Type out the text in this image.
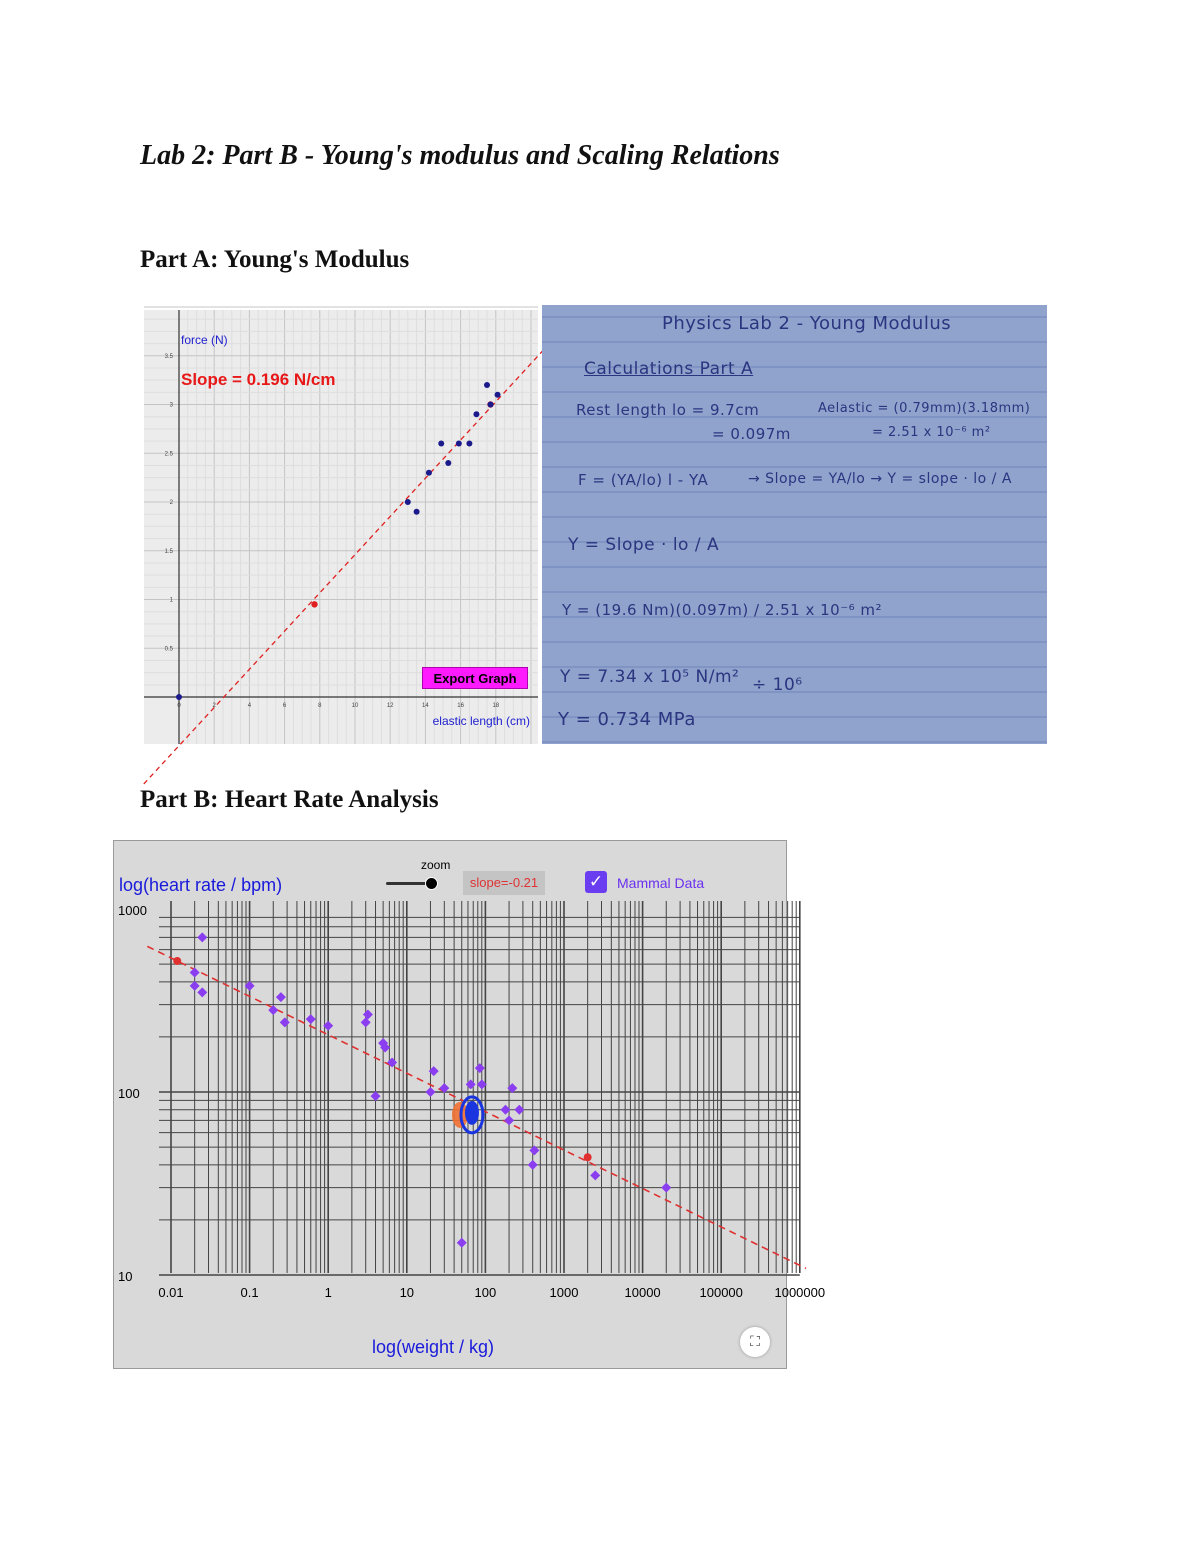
Lab 2: Part B - Young's modulus and Scaling Relations
Part A: Young's Modulus
0	2	4	6	8	10	12	14	16	18
0.5
1
1.5
2
2.5
3
3.5
force (N)
elastic length (cm)
Slope = 0.196 N/cm
Export Graph
Physics Lab 2 - Young Modulus
Calculations Part A
Rest length lo = 9.7cm
= 0.097m
Aelastic = (0.79mm)(3.18mm)
= 2.51 x 10⁻⁶ m²
F = (YA/lo) l - YA	→ Slope = YA/lo → Y = slope · lo / A
Y = Slope · lo / A
Y = (19.6 Nm)(0.097m) / 2.51 x 10⁻⁶ m²
Y = 7.34 x 10⁵ N/m² ÷ 10⁶
Y = 0.734 MPa
Part B: Heart Rate Analysis
0.01	0.1	1	10	100	1000	10000	100000 1000000
10
100
1000
log(heart rate / bpm)
log(weight / kg)
zoom
slope=-0.21	✓ Mammal Data
⛶
